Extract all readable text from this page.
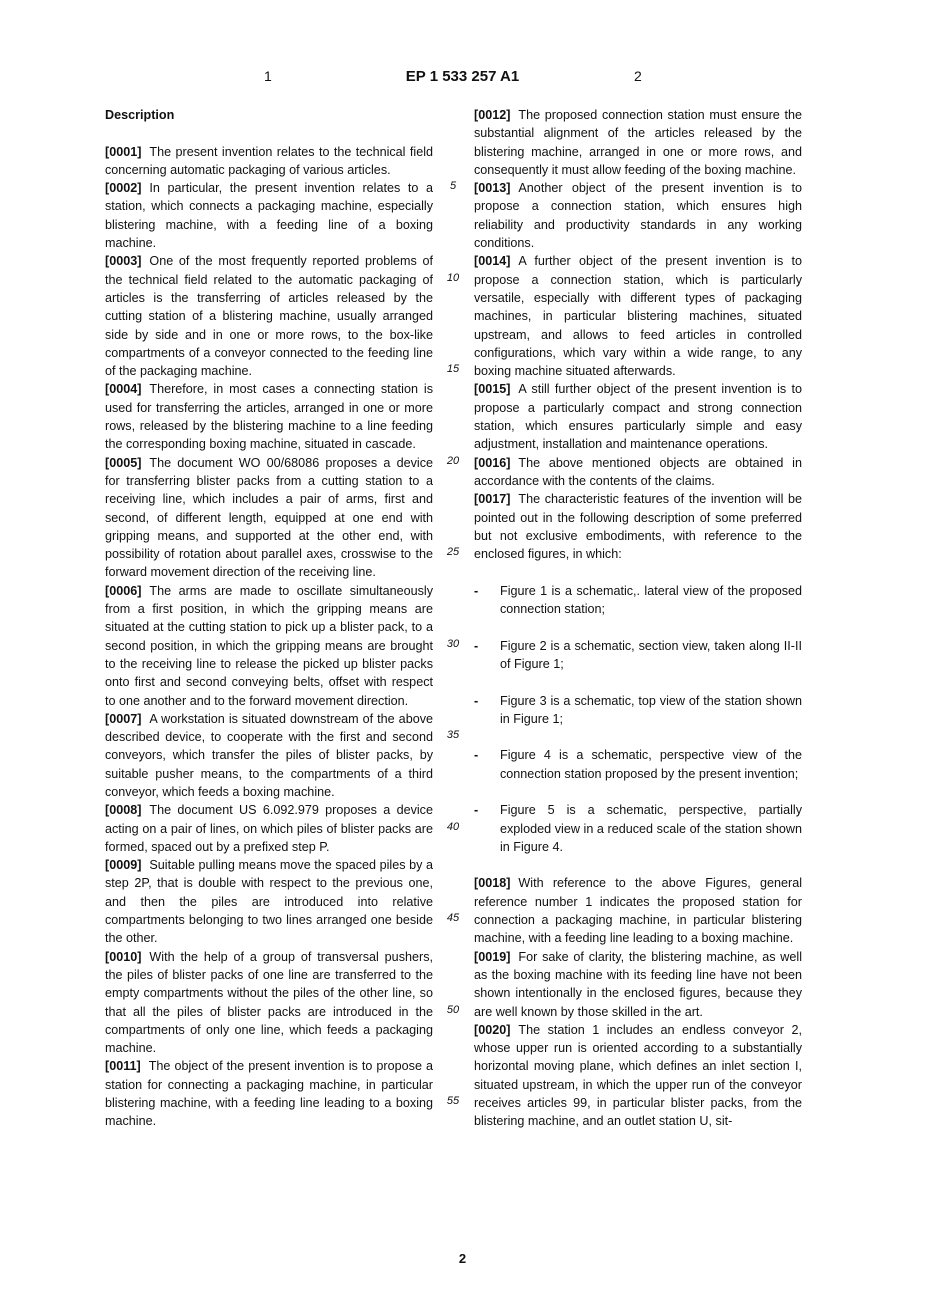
1	EP 1 533 257 A1	2
Description

[0001] The present invention relates to the technical field concerning automatic packaging of various articles.

[0002] In particular, the present invention relates to a station, which connects a packaging machine, especially blistering machine, with a feeding line of a boxing machine.

[0003] One of the most frequently reported problems of the technical field related to the automatic packaging of articles is the transferring of articles released by the cutting station of a blistering machine, usually arranged side by side and in one or more rows, to the box-like compartments of a conveyor connected to the feeding line of the packaging machine.

[0004] Therefore, in most cases a connecting station is used for transferring the articles, arranged in one or more rows, released by the blistering machine to a line feeding the corresponding boxing machine, situated in cascade.

[0005] The document WO 00/68086 proposes a device for transferring blister packs from a cutting station to a receiving line, which includes a pair of arms, first and second, of different length, equipped at one end with gripping means, and supported at the other end, with possibility of rotation about parallel axes, crosswise to the forward movement direction of the receiving line.

[0006] The arms are made to oscillate simultaneously from a first position, in which the gripping means are situated at the cutting station to pick up a blister pack, to a second position, in which the gripping means are brought to the receiving line to release the picked up blister packs onto first and second conveying belts, offset with respect to one another and to the forward movement direction.

[0007] A workstation is situated downstream of the above described device, to cooperate with the first and second conveyors, which transfer the piles of blister packs, by suitable pusher means, to the compartments of a third conveyor, which feeds a boxing machine.

[0008] The document US 6.092.979 proposes a device acting on a pair of lines, on which piles of blister packs are formed, spaced out by a prefixed step P.

[0009] Suitable pulling means move the spaced piles by a step 2P, that is double with respect to the previous one, and then the piles are introduced into relative compartments belonging to two lines arranged one beside the other.

[0010] With the help of a group of transversal pushers, the piles of blister packs of one line are transferred to the empty compartments without the piles of the other line, so that all the piles of blister packs are introduced in the compartments of only one line, which feeds a packaging machine.

[0011] The object of the present invention is to propose a station for connecting a packaging machine, in particular blistering machine, with a feeding line leading to a boxing machine.

[0012] The proposed connection station must ensure the substantial alignment of the articles released by the blistering machine, arranged in one or more rows, and consequently it must allow feeding of the boxing machine.

[0013] Another object of the present invention is to propose a connection station, which ensures high reliability and productivity standards in any working conditions.

[0014] A further object of the present invention is to propose a connection station, which is particularly versatile, especially with different types of packaging machines, in particular blistering machines, situated upstream, and allows to feed articles in controlled configurations, which vary within a wide range, to any boxing machine situated afterwards.

[0015] A still further object of the present invention is to propose a particularly compact and strong connection station, which ensures particularly simple and easy adjustment, installation and maintenance operations.

[0016] The above mentioned objects are obtained in accordance with the contents of the claims.

[0017] The characteristic features of the invention will be pointed out in the following description of some preferred but not exclusive embodiments, with reference to the enclosed figures, in which:

- Figure 1 is a schematic,. lateral view of the proposed connection station;

- Figure 2 is a schematic, section view, taken along II-II of Figure 1;

- Figure 3 is a schematic, top view of the station shown in Figure 1;

- Figure 4 is a schematic, perspective view of the connection station proposed by the present invention;

- Figure 5 is a schematic, perspective, partially exploded view in a reduced scale of the station shown in Figure 4.

[0018] With reference to the above Figures, general reference number 1 indicates the proposed station for connection a packaging machine, in particular blistering machine, with a feeding line leading to a boxing machine.

[0019] For sake of clarity, the blistering machine, as well as the boxing machine with its feeding line have not been shown intentionally in the enclosed figures, because they are well known by those skilled in the art.

[0020] The station 1 includes an endless conveyor 2, whose upper run is oriented according to a substantially horizontal moving plane, which defines an inlet section I, situated upstream, in which the upper run of the conveyor receives articles 99, in particular blister packs, from the blistering machine, and an outlet station U, sit-

5
10
15
20
25
30
35
40
45
50
55
2
